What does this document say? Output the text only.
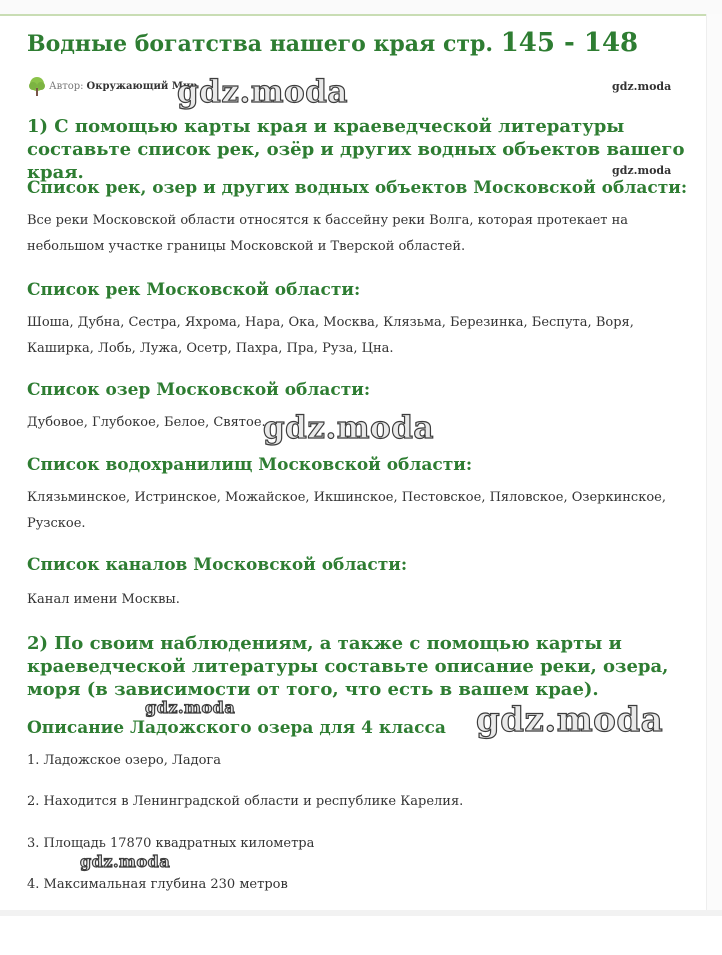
Водные богатства нашего края стр. 145 - 148
Автор: Окружающий Мир

1) С помощью карты края и краеведческой литературы составьте список рек, озёр и других водных объектов вашего края.

Список рек, озер и других водных объектов Московской области:

Все реки Московской области относятся к бассейну реки Волга, которая протекает на небольшом участке границы Московской и Тверской областей.

Список рек Московской области:

Шоша, Дубна, Сестра, Яхрома, Нара, Ока, Москва, Клязьма, Березинка, Беспута, Воря, Каширка, Лобь, Лужа, Осетр, Пахра, Пра, Руза, Цна.

Список озер Московской области:

Дубовое, Глубокое, Белое, Святое.

Список водохранилищ Московской области:

Клязьминское, Истринское, Можайское, Икшинское, Пестовское, Пяловское, Озеркинское, Рузское.

Список каналов Московской области:

Канал имени Москвы.

2) По своим наблюдениям, а также с помощью карты и краеведческой литературы составьте описание реки, озера, моря (в зависимости от того, что есть в вашем крае).

Описание Ладожского озера для 4 класса

1. Ладожское озеро, Ладога

2. Находится в Ленинградской области и республике Карелия.

3. Площадь 17870 квадратных километра

4. Максимальная глубина 230 метров

gdz.moda	gdz.moda
gdz.moda
gdz.moda
gdz.moda
gdz.moda
gdz.moda
